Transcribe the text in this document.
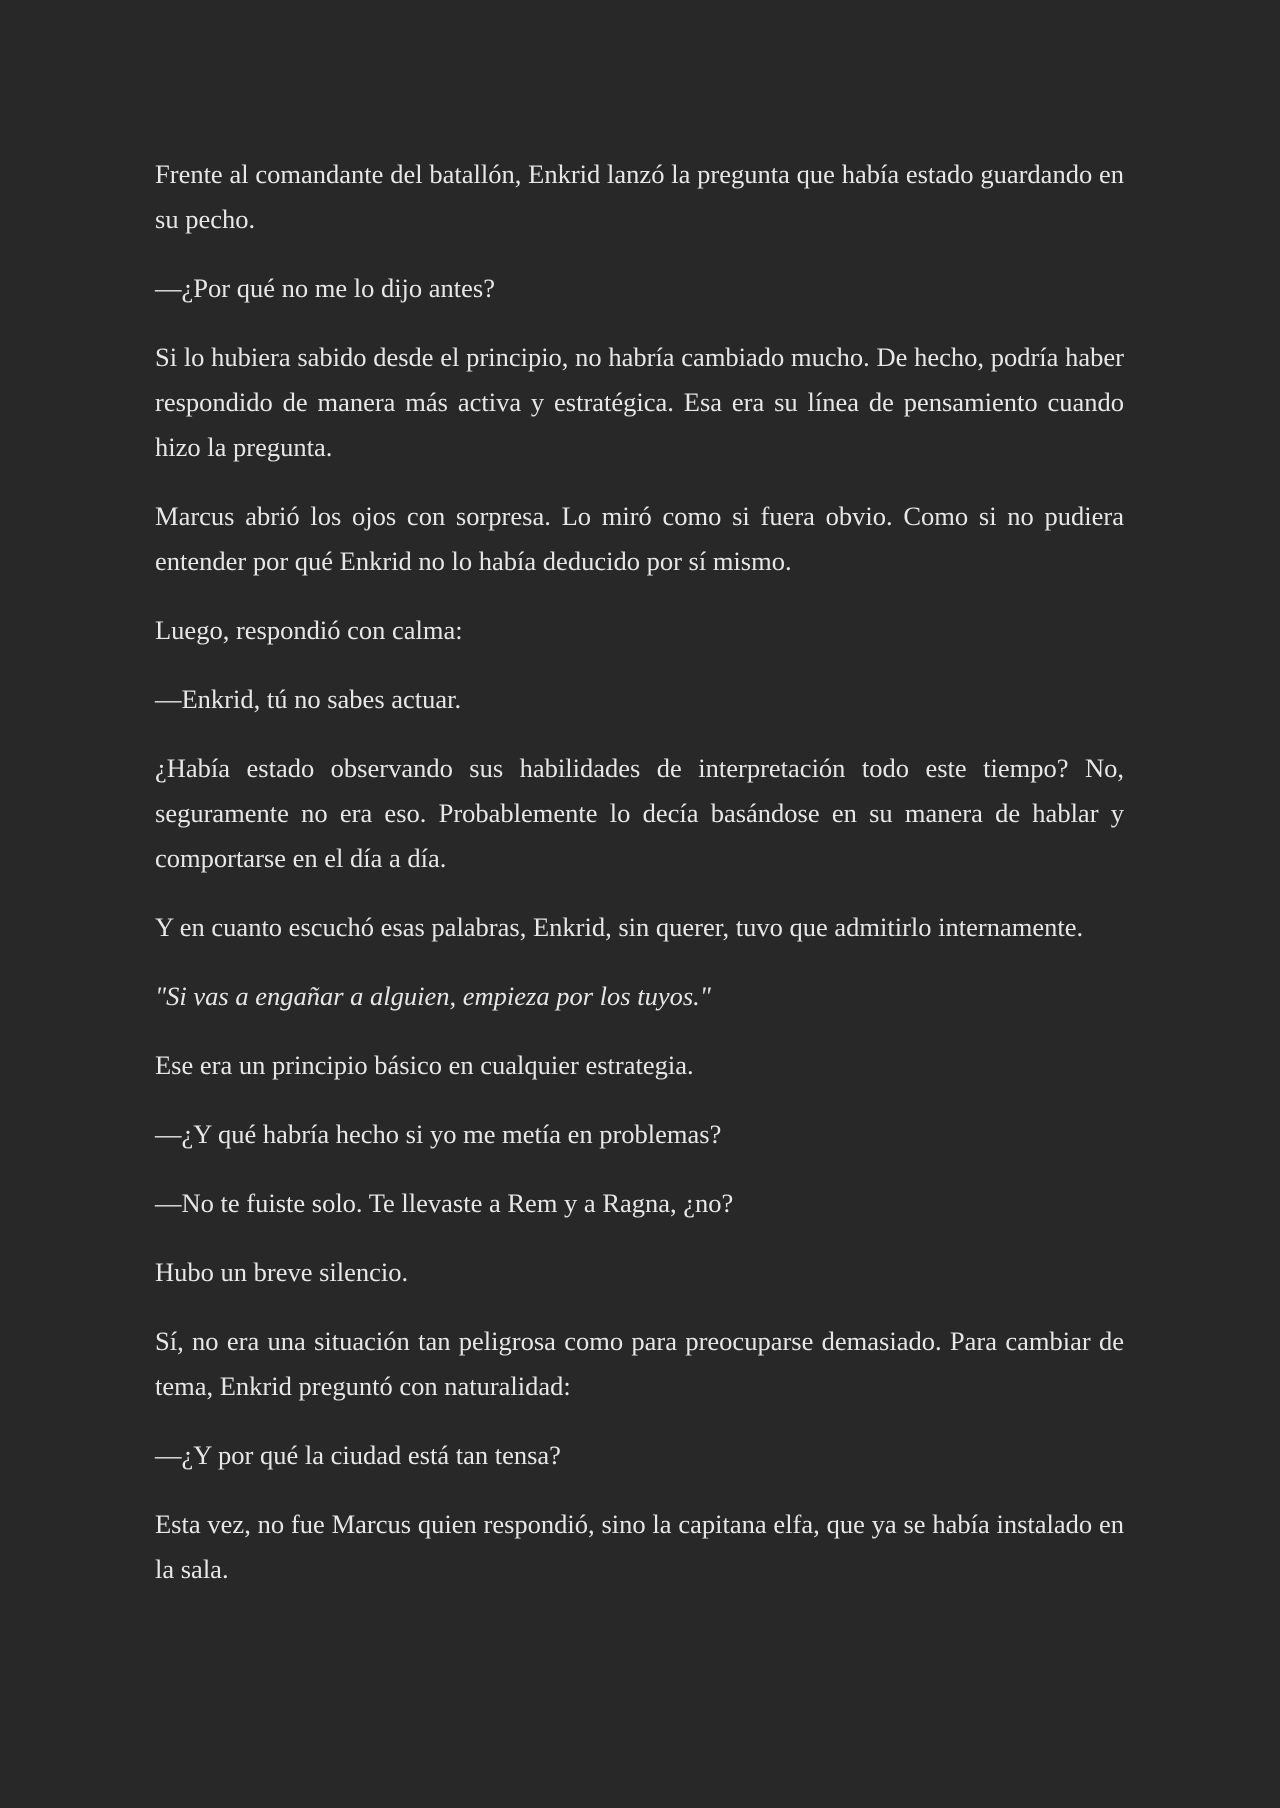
Frente al comandante del batallón, Enkrid lanzó la pregunta que había estado guardando en su pecho.

—¿Por qué no me lo dijo antes?

Si lo hubiera sabido desde el principio, no habría cambiado mucho. De hecho, podría haber respondido de manera más activa y estratégica. Esa era su línea de pensamiento cuando hizo la pregunta.

Marcus abrió los ojos con sorpresa. Lo miró como si fuera obvio. Como si no pudiera entender por qué Enkrid no lo había deducido por sí mismo.

Luego, respondió con calma:

—Enkrid, tú no sabes actuar.

¿Había estado observando sus habilidades de interpretación todo este tiempo? No, seguramente no era eso. Probablemente lo decía basándose en su manera de hablar y comportarse en el día a día.

Y en cuanto escuchó esas palabras, Enkrid, sin querer, tuvo que admitirlo internamente.

"Si vas a engañar a alguien, empieza por los tuyos."

Ese era un principio básico en cualquier estrategia.

—¿Y qué habría hecho si yo me metía en problemas?

—No te fuiste solo. Te llevaste a Rem y a Ragna, ¿no?

Hubo un breve silencio.

Sí, no era una situación tan peligrosa como para preocuparse demasiado. Para cambiar de tema, Enkrid preguntó con naturalidad:

—¿Y por qué la ciudad está tan tensa?

Esta vez, no fue Marcus quien respondió, sino la capitana elfa, que ya se había instalado en la sala.
